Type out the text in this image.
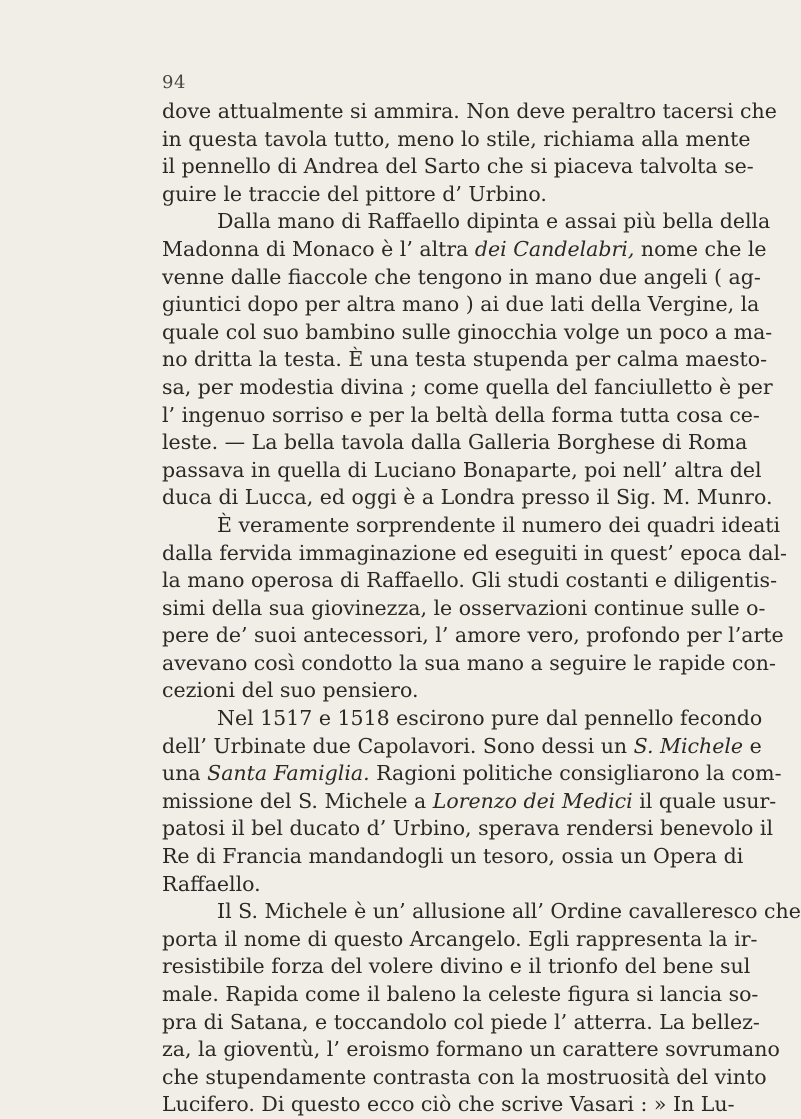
94
dove attualmente si ammira. Non deve peraltro tacersi che
in questa tavola tutto, meno lo stile, richiama alla mente
il pennello di Andrea del Sarto che si piaceva talvolta se-
guire le traccie del pittore d’ Urbino.
Dalla mano di Raffaello dipinta e assai più bella della
Madonna di Monaco è l’ altra dei Candelabri, nome che le
venne dalle fiaccole che tengono in mano due angeli ( ag-
giuntici dopo per altra mano ) ai due lati della Vergine, la
quale col suo bambino sulle ginocchia volge un poco a ma-
no dritta la testa. È una testa stupenda per calma maesto-
sa, per modestia divina ; come quella del fanciulletto è per
l’ ingenuo sorriso e per la beltà della forma tutta cosa ce-
leste. — La bella tavola dalla Galleria Borghese di Roma
passava in quella di Luciano Bonaparte, poi nell’ altra del
duca di Lucca, ed oggi è a Londra presso il Sig. M. Munro.
È veramente sorprendente il numero dei quadri ideati
dalla fervida immaginazione ed eseguiti in quest’ epoca dal-
la mano operosa di Raffaello. Gli studi costanti e diligentis-
simi della sua giovinezza, le osservazioni continue sulle o-
pere de’ suoi antecessori, l’ amore vero, profondo per l’arte
avevano così condotto la sua mano a seguire le rapide con-
cezioni del suo pensiero.
Nel 1517 e 1518 escirono pure dal pennello fecondo
dell’ Urbinate due Capolavori. Sono dessi un S. Michele e
una Santa Famiglia. Ragioni politiche consigliarono la com-
missione del S. Michele a Lorenzo dei Medici il quale usur-
patosi il bel ducato d’ Urbino, sperava rendersi benevolo il
Re di Francia mandandogli un tesoro, ossia un Opera di
Raffaello.
Il S. Michele è un’ allusione all’ Ordine cavalleresco che
porta il nome di questo Arcangelo. Egli rappresenta la ir-
resistibile forza del volere divino e il trionfo del bene sul
male. Rapida come il baleno la celeste figura si lancia so-
pra di Satana, e toccandolo col piede l’ atterra. La bellez-
za, la gioventù, l’ eroismo formano un carattere sovrumano
che stupendamente contrasta con la mostruosità del vinto
Lucifero. Di questo ecco ciò che scrive Vasari : » In Lu-
